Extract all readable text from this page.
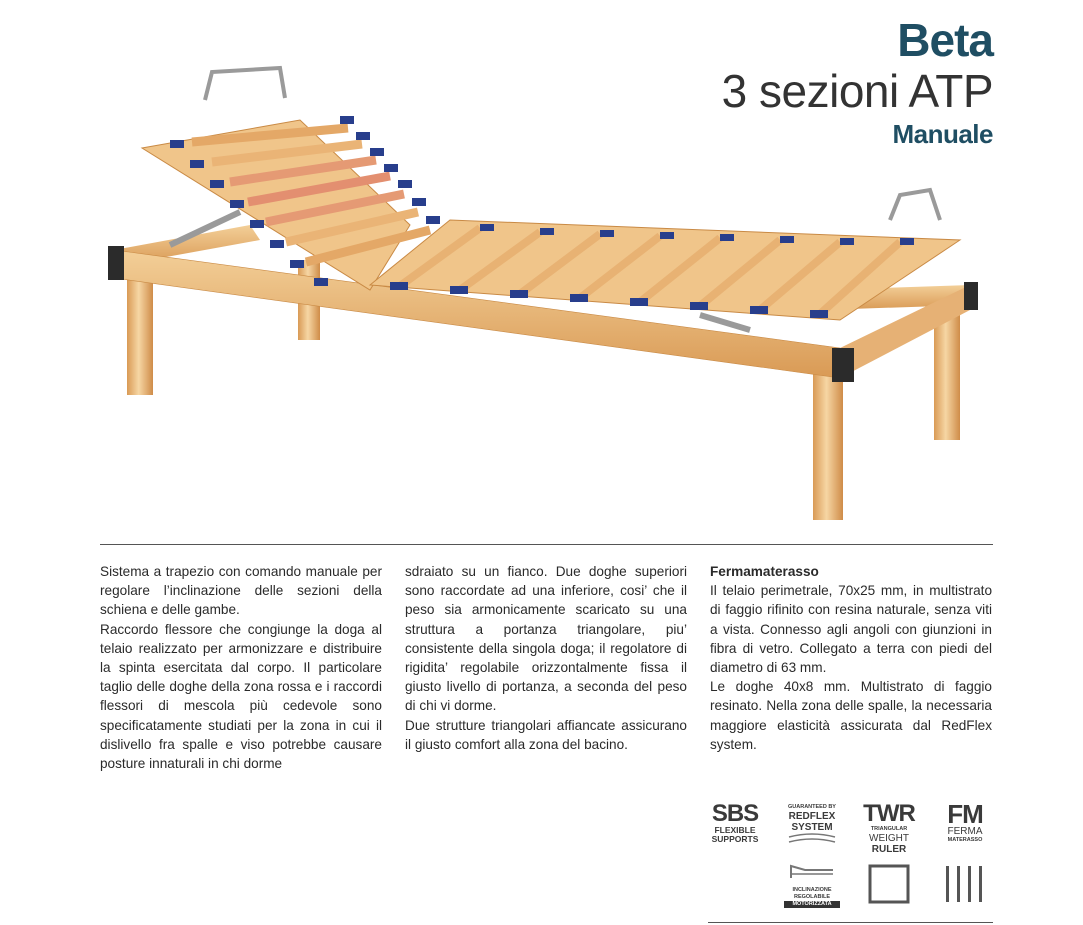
Beta
3 sezioni ATP
Manuale

Sistema a trapezio con comando manuale per regolare l’inclinazione delle sezioni della schiena e delle gambe.

Raccordo flessore che congiunge la doga al telaio realizzato per armonizzare e distribuire la spinta esercitata dal corpo. Il particolare taglio delle doghe della zona rossa e i raccordi flessori di mescola più cedevole sono specificatamente studiati per la zona in cui il dislivello fra spalle e viso potrebbe causare posture innaturali in chi dorme

sdraiato su un fianco. Due doghe superiori sono raccordate ad una inferiore, cosi’ che il peso sia armonicamente scaricato su una struttura a portanza triangolare, piu’ consistente della singola doga; il regolatore di rigidita’ regolabile orizzontalmente fissa il giusto livello di portanza, a seconda del peso di chi vi dorme.

Due strutture triangolari affiancate assicurano il giusto comfort alla zona del bacino.

Fermamaterasso

Il telaio perimetrale, 70x25 mm, in multistrato di faggio rifinito con resina naturale, senza viti a vista. Connesso agli angoli con giunzioni in fibra di vetro. Collegato a terra con piedi del diametro di 63 mm.

Le doghe 40x8 mm. Multistrato di faggio resinato. Nella zona delle spalle, la necessaria maggiore elasticità assicurata dal RedFlex system.

SBS
FLEXIBLE
SUPPORTS
GUARANTEED BY
REDFLEX
SYSTEM
TWR
TRIANGULAR
WEIGHT
RULER
FM
FERMA
MATERASSO
INCLINAZIONE
REGOLABILE
MOTORIZZATA
